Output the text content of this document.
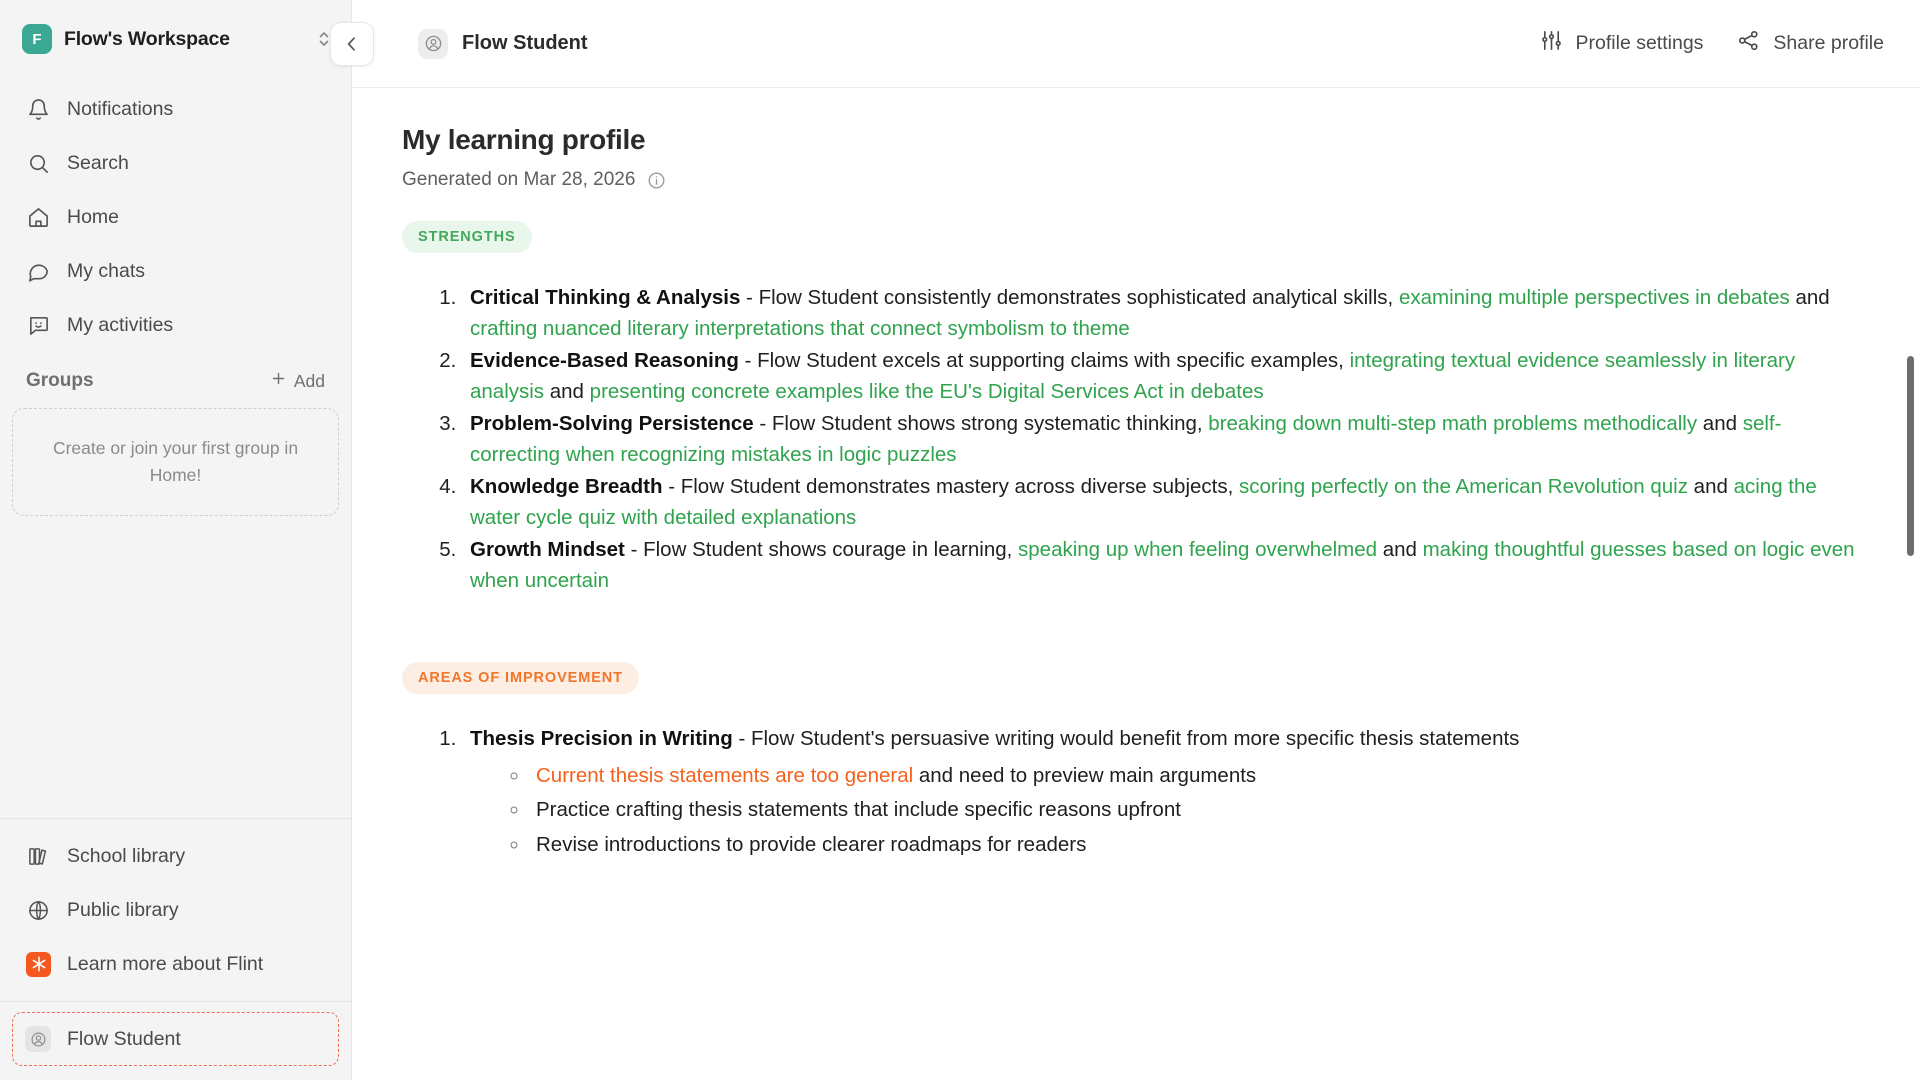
F	Flow's Workspace
Notifications
Search
Home
My chats
My activities
Groups	Add
Create or join your first group in Home!
School library
Public library
Learn more about Flint
Flow Student
Flow Student	Profile settings	Share profile
My learning profile
Generated on Mar 28, 2026
STRENGTHS
1. Critical Thinking & Analysis - Flow Student consistently demonstrates sophisticated analytical skills, examining multiple perspectives in debates and crafting nuanced literary interpretations that connect symbolism to theme
2. Evidence-Based Reasoning - Flow Student excels at supporting claims with specific examples, integrating textual evidence seamlessly in literary analysis and presenting concrete examples like the EU's Digital Services Act in debates
3. Problem-Solving Persistence - Flow Student shows strong systematic thinking, breaking down multi-step math problems methodically and self-correcting when recognizing mistakes in logic puzzles
4. Knowledge Breadth - Flow Student demonstrates mastery across diverse subjects, scoring perfectly on the American Revolution quiz and acing the water cycle quiz with detailed explanations
5. Growth Mindset - Flow Student shows courage in learning, speaking up when feeling overwhelmed and making thoughtful guesses based on logic even when uncertain
AREAS OF IMPROVEMENT
1. Thesis Precision in Writing - Flow Student's persuasive writing would benefit from more specific thesis statements
◦ Current thesis statements are too general and need to preview main arguments
◦ Practice crafting thesis statements that include specific reasons upfront
◦ Revise introductions to provide clearer roadmaps for readers
